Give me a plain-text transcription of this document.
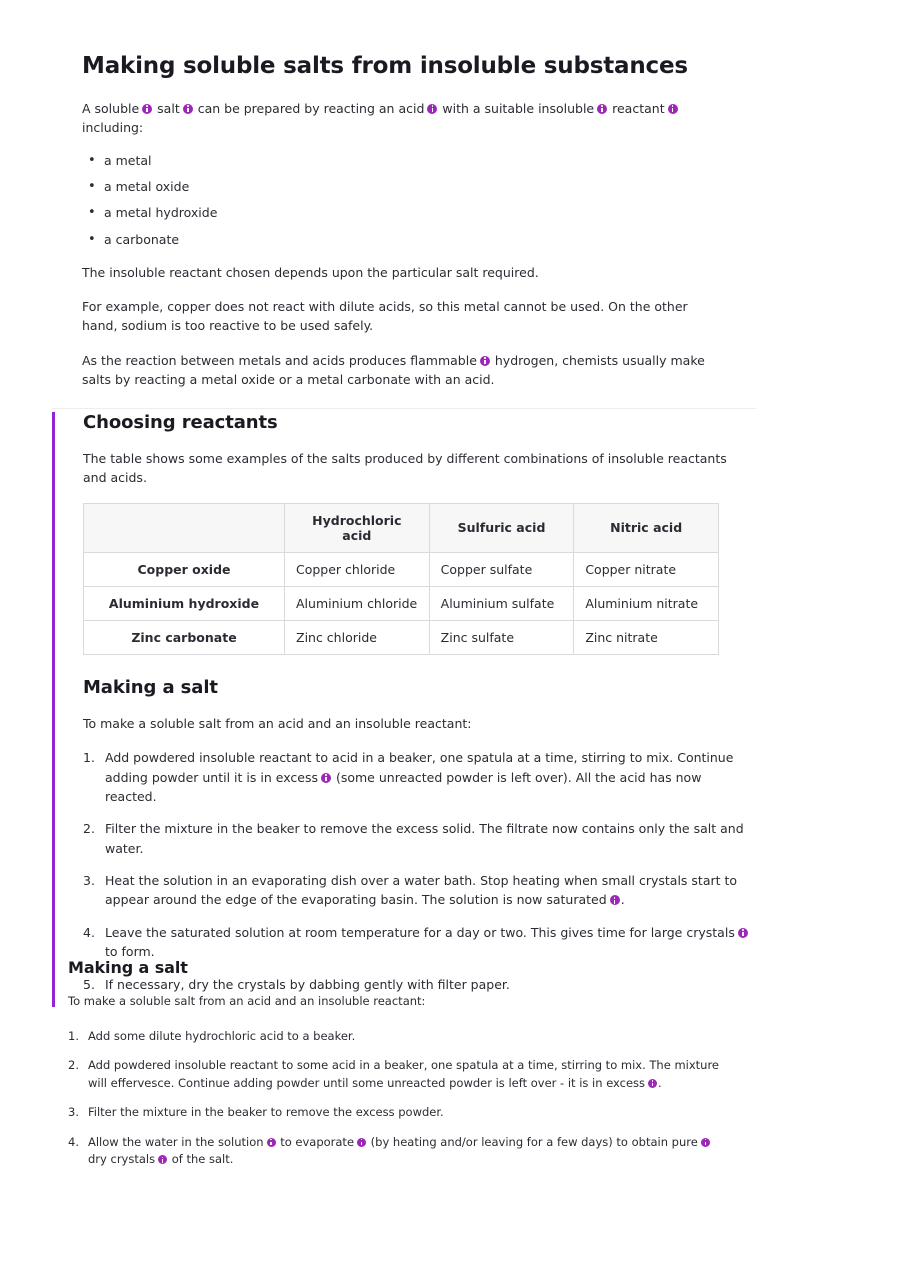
Making soluble salts from insoluble substances

A soluble salt can be prepared by reacting an acid with a suitable insoluble reactant including:

• a metal
• a metal oxide
• a metal hydroxide
• a carbonate

The insoluble reactant chosen depends upon the particular salt required.

For example, copper does not react with dilute acids, so this metal cannot be used. On the other hand, sodium is too reactive to be used safely.

As the reaction between metals and acids produces flammable hydrogen, chemists usually make salts by reacting a metal oxide or a metal carbonate with an acid.

Choosing reactants

The table shows some examples of the salts produced by different combinations of insoluble reactants and acids.

	Hydrochloric acid	Sulfuric acid	Nitric acid
Copper oxide	Copper chloride	Copper sulfate	Copper nitrate
Aluminium hydroxide	Aluminium chloride	Aluminium sulfate	Aluminium nitrate
Zinc carbonate	Zinc chloride	Zinc sulfate	Zinc nitrate
Making a salt

To make a soluble salt from an acid and an insoluble reactant:

Add powdered insoluble reactant to acid in a beaker, one spatula at a time, stirring to mix. Continue adding powder until it is in excess (some unreacted powder is left over). All the acid has now reacted.
Filter the mixture in the beaker to remove the excess solid. The filtrate now contains only the salt and water.
Heat the solution in an evaporating dish over a water bath. Stop heating when small crystals start to appear around the edge of the evaporating basin. The solution is now saturated .
Leave the saturated solution at room temperature for a day or two. This gives time for large crystals to form.
If necessary, dry the crystals by dabbing gently with filter paper.
Making a salt

To make a soluble salt from an acid and an insoluble reactant:

Add some dilute hydrochloric acid to a beaker.
Add powdered insoluble reactant to some acid in a beaker, one spatula at a time, stirring to mix. The mixture will effervesce. Continue adding powder until some unreacted powder is left over - it is in excess .
Filter the mixture in the beaker to remove the excess powder.
Allow the water in the solution to evaporate (by heating and/or leaving for a few days) to obtain pure dry crystals of the salt.
